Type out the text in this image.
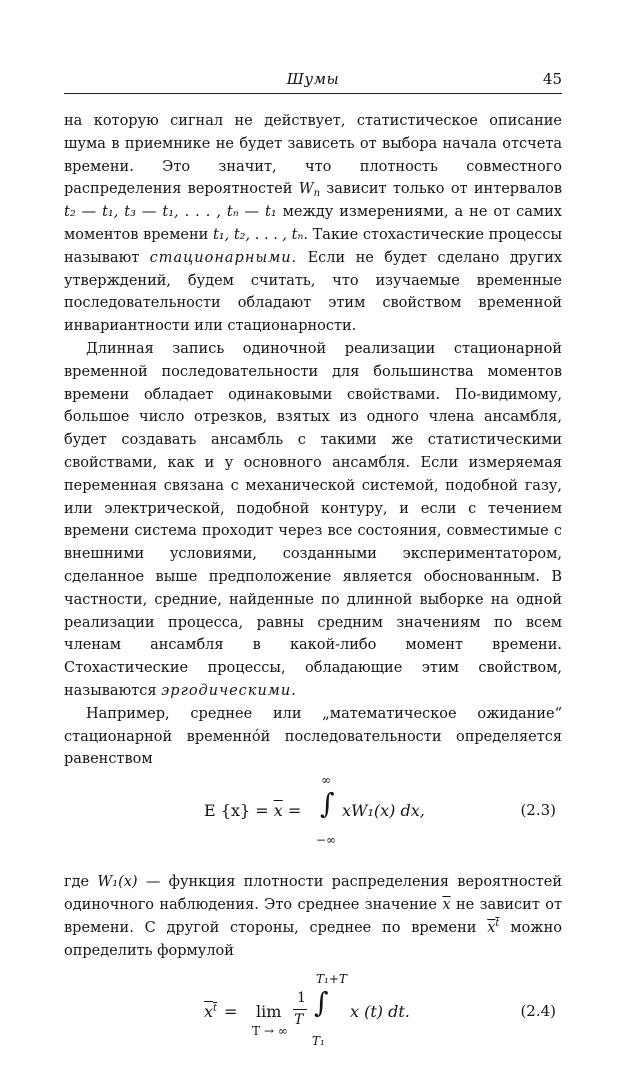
Шумы	45

на которую сигнал не действует, статистическое описание шума в приемнике не будет зависеть от выбора начала отсчета времени. Это значит, что плотность совместного распределения вероятностей $W_n$ зависит только от интервалов t₂ — t₁, t₃ — t₁, . . . , tₙ — t₁ между измерениями, а не от самих моментов времени t₁, t₂, . . . , tₙ. Такие стохастические процессы называют стационарными. Если не будет сделано других утверждений, будем считать, что изучаемые временные последовательности обладают этим свойством временной инвариантности или стационарности.

Длинная запись одиночной реализации стационарной временной последовательности для большинства моментов времени обладает одинаковыми свойствами. По-видимому, большое число отрезков, взятых из одного члена ансамбля, будет создавать ансамбль с такими же статистическими свойствами, как и у основного ансамбля. Если измеряемая переменная связана с механической системой, подобной газу, или электрической, подобной контуру, и если с течением времени система проходит через все состояния, совместимые с внешними условиями, созданными экспериментатором, сделанное выше предположение является обоснованным. В частности, средние, найденные по длинной выборке на одной реализации процесса, равны средним значениям по всем членам ансамбля в какой-либо момент времени. Стохастические процессы, обладающие этим свойством, называются эргодическими.

Например, среднее или „математическое ожидание“ стационарной временнóй последовательности определяется равенством

E $\{x\} = \overline{x}$ =
∞
∫
−∞
xW₁(x) dx,	(2.3)

где W₁(x) — функция плотности распределения вероятностей одиночного наблюдения. Это среднее значение $\overline{x}$ не зависит от времени. С другой стороны, среднее по времени $x^t$ можно определить формулой

$x^t = \lim$
T → ∞
1
T
T₁+T
∫
T₁
x (t) dt.	(2.4)
